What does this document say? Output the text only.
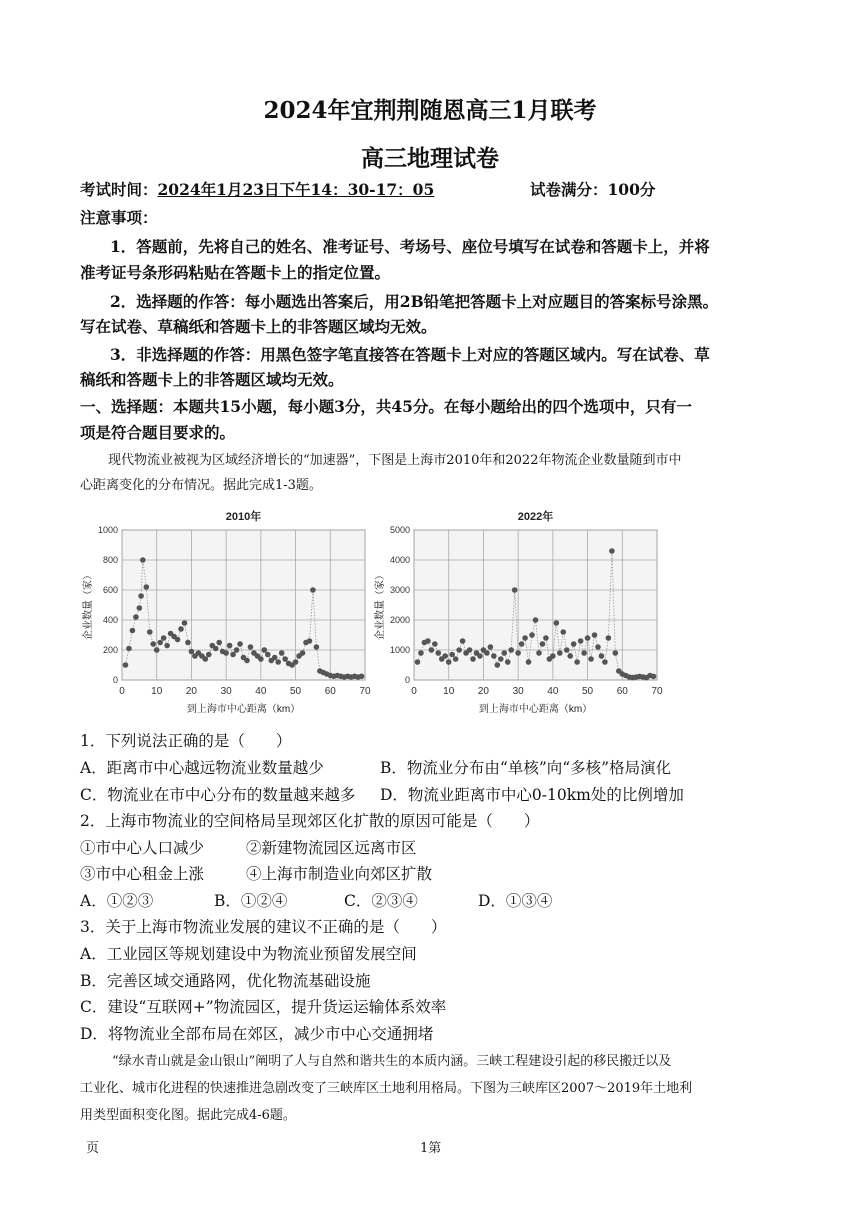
2024年宜荆荆随恩高三1月联考
高三地理试卷
考试时间：2024年1月23日下午14：30-17：05	试卷满分：100分
注意事项：
1．答题前，先将自己的姓名、准考证号、考场号、座位号填写在试卷和答题卡上，并将
准考证号条形码粘贴在答题卡上的指定位置。
2．选择题的作答：每小题选出答案后，用2B铅笔把答题卡上对应题目的答案标号涂黑。
写在试卷、草稿纸和答题卡上的非答题区域均无效。
3．非选择题的作答：用黑色签字笔直接答在答题卡上对应的答题区域内。写在试卷、草
稿纸和答题卡上的非答题区域均无效。
一、选择题：本题共15小题，每小题3分，共45分。在每小题给出的四个选项中，只有一
项是符合题目要求的。
现代物流业被视为区域经济增长的“加速器”，下图是上海市2010年和2022年物流企业数量随到市中
心距离变化的分布情况。据此完成1-3题。
0	10 20 30 40 50 60 70
0
200
400
600
800
1000
2010年
到上海市中心距离（km）
企业数量（家）
0	10 20 30 40 50 60 70
0
1000
2000
3000
4000
5000
2022年
到上海市中心距离（km）
企业数量（家）
1．下列说法正确的是（　　）
A．距离市中心越远物流业数量越少	B．物流业分布由“单核”向“多核”格局演化
C．物流业在市中心分布的数量越来越多 D．物流业距离市中心0-10km处的比例增加
2．上海市物流业的空间格局呈现郊区化扩散的原因可能是（　　）
①市中心人口减少	②新建物流园区远离市区
③市中心租金上涨	④上海市制造业向郊区扩散
A．①②③	B．①②④	C．②③④	D．①③④
3．关于上海市物流业发展的建议不正确的是（　　）
A．工业园区等规划建设中为物流业预留发展空间
B．完善区域交通路网，优化物流基础设施
C．建设“互联网+”物流园区，提升货运运输体系效率
D．将物流业全部布局在郊区，减少市中心交通拥堵
“绿水青山就是金山银山”阐明了人与自然和谐共生的本质内涵。三峡工程建设引起的移民搬迁以及
工业化、城市化进程的快速推进急剧改变了三峡库区土地利用格局。下图为三峡库区2007～2019年土地利
用类型面积变化图。据此完成4-6题。
页	1第
